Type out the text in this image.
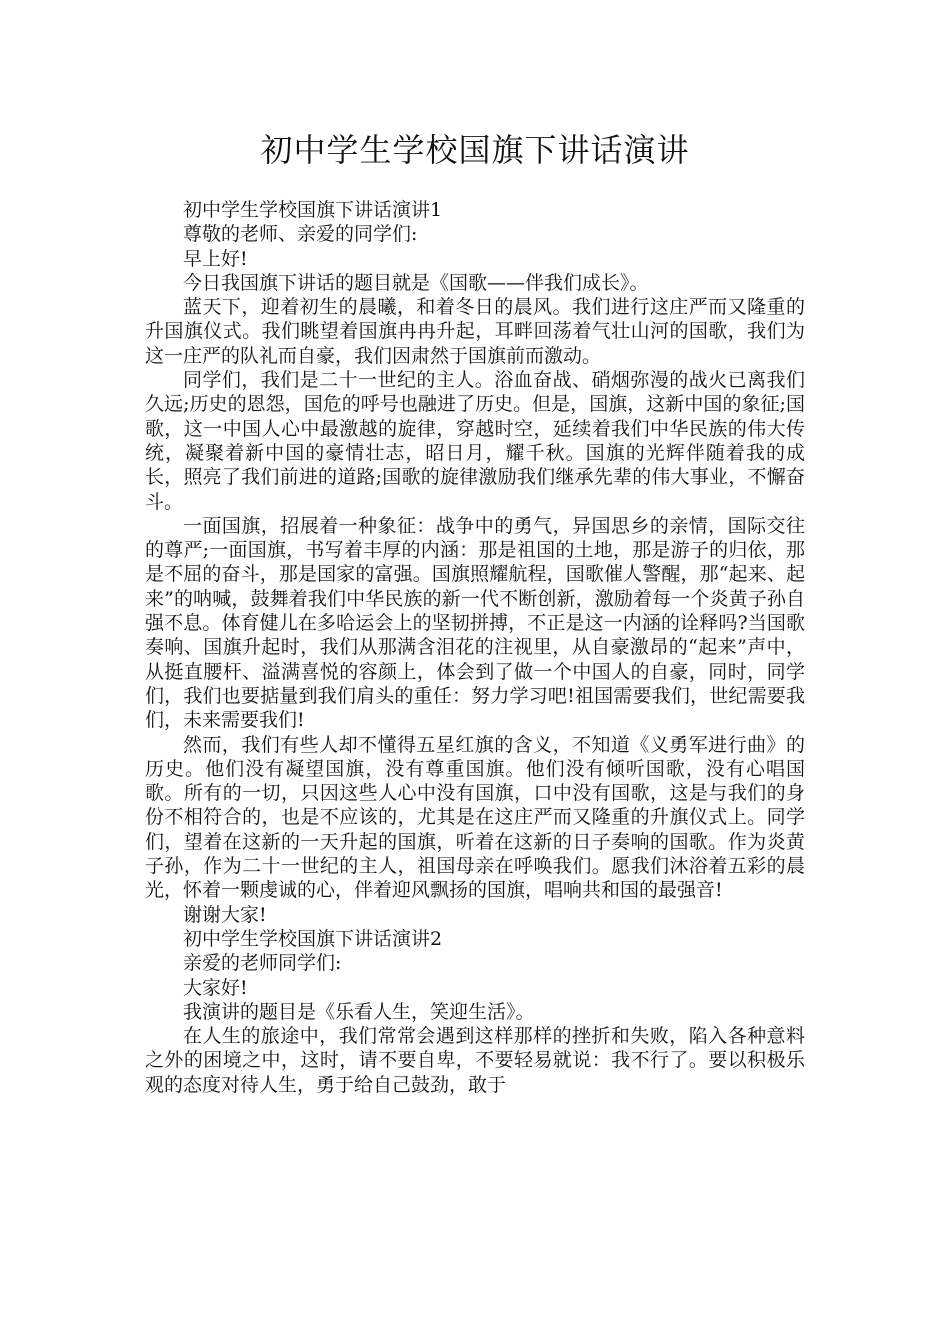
初中学生学校国旗下讲话演讲

初中学生学校国旗下讲话演讲1

尊敬的老师、亲爱的同学们:

早上好!

今日我国旗下讲话的题目就是《国歌——伴我们成长》。

蓝天下，迎着初生的晨曦，和着冬日的晨风。我们进行这庄严而又隆重的升国旗仪式。我们眺望着国旗冉冉升起，耳畔回荡着气壮山河的国歌，我们为这一庄严的队礼而自豪，我们因肃然于国旗前而激动。

同学们，我们是二十一世纪的主人。浴血奋战、硝烟弥漫的战火已离我们久远;历史的恩怨，国危的呼号也融进了历史。但是，国旗，这新中国的象征;国歌，这一中国人心中最激越的旋律，穿越时空，延续着我们中华民族的伟大传统，凝聚着新中国的豪情壮志，昭日月，耀千秋。国旗的光辉伴随着我的成长，照亮了我们前进的道路;国歌的旋律激励我们继承先辈的伟大事业，不懈奋斗。

一面国旗，招展着一种象征：战争中的勇气，异国思乡的亲情，国际交往的尊严;一面国旗，书写着丰厚的内涵：那是祖国的土地，那是游子的归依，那是不屈的奋斗，那是国家的富强。国旗照耀航程，国歌催人警醒，那“起来、起来”的呐喊，鼓舞着我们中华民族的新一代不断创新，激励着每一个炎黄子孙自强不息。体育健儿在多哈运会上的坚韧拼搏，不正是这一内涵的诠释吗?当国歌奏响、国旗升起时，我们从那满含泪花的注视里，从自豪激昂的“起来”声中，从挺直腰杆、溢满喜悦的容颜上，体会到了做一个中国人的自豪，同时，同学们，我们也要掂量到我们肩头的重任：努力学习吧!祖国需要我们，世纪需要我们，未来需要我们!

然而，我们有些人却不懂得五星红旗的含义，不知道《义勇军进行曲》的历史。他们没有凝望国旗，没有尊重国旗。他们没有倾听国歌，没有心唱国歌。所有的一切，只因这些人心中没有国旗，口中没有国歌，这是与我们的身份不相符合的，也是不应该的，尤其是在这庄严而又隆重的升旗仪式上。同学们，望着在这新的一天升起的国旗，听着在这新的日子奏响的国歌。作为炎黄子孙，作为二十一世纪的主人，祖国母亲在呼唤我们。愿我们沐浴着五彩的晨光，怀着一颗虔诚的心，伴着迎风飘扬的国旗，唱响共和国的最强音!

谢谢大家!

初中学生学校国旗下讲话演讲2

亲爱的老师同学们:

大家好!

我演讲的题目是《乐看人生，笑迎生活》。

在人生的旅途中，我们常常会遇到这样那样的挫折和失败，陷入各种意料之外的困境之中，这时，请不要自卑，不要轻易就说：我不行了。要以积极乐观的态度对待人生，勇于给自己鼓劲，敢于
